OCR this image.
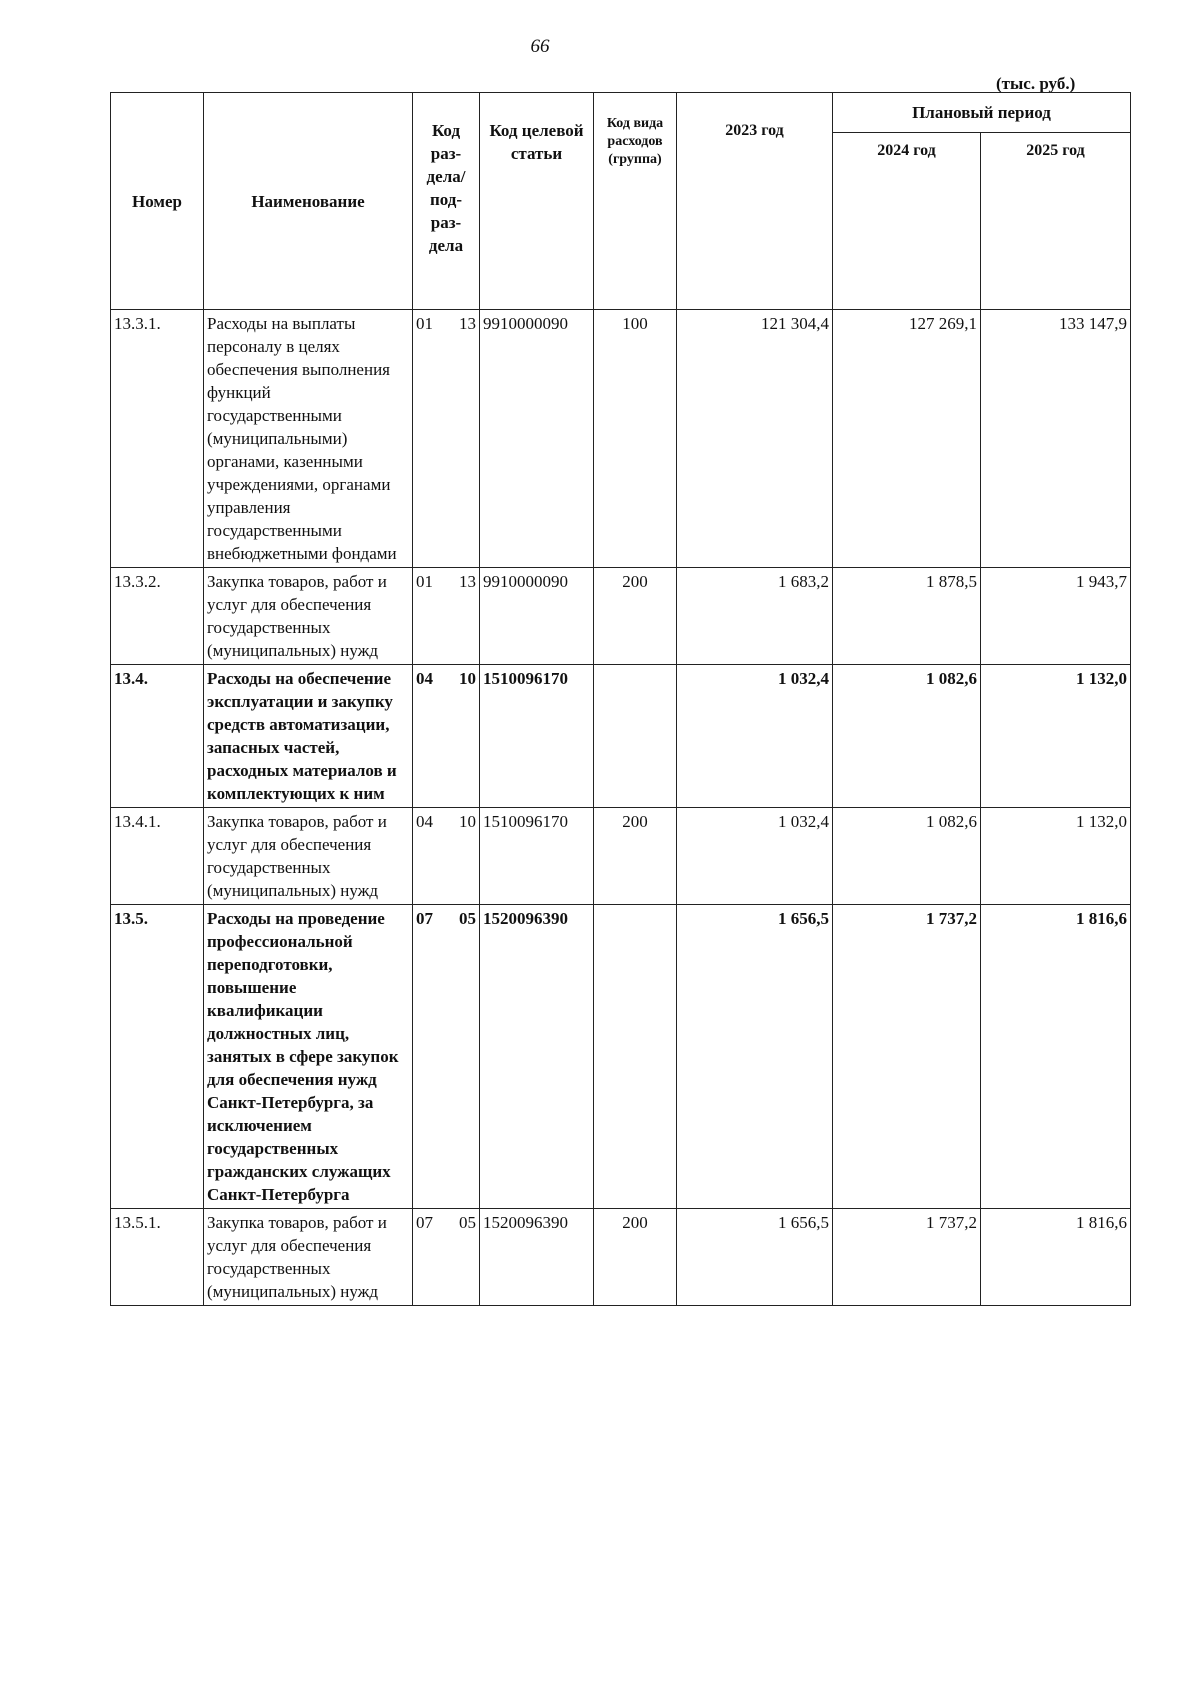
66
(тыс. руб.)
Номер	Наименование	Код раз-дела/ под-раз-дела	Код целевой статьи	Код вида расходов (группа)	2023 год	Плановый период	
						2024 год	2025 год
13.3.1.	Расходы на выплаты персоналу в целях обеспечения выполнения функций государственными (муниципальными) органами, казенными учреждениями, органами управления государственными внебюджетными фондами	01 13	9910000090	100	121 304,4	127 269,1	133 147,9
13.3.2.	Закупка товаров, работ и услуг для обеспечения государственных (муниципальных) нужд	01 13	9910000090	200	1 683,2	1 878,5	1 943,7
13.4.	Расходы на обеспечение эксплуатации и закупку средств автоматизации, запасных частей, расходных материалов и комплектующих к ним	04 10	1510096170		1 032,4	1 082,6	1 132,0
13.4.1.	Закупка товаров, работ и услуг для обеспечения государственных (муниципальных) нужд	04 10	1510096170	200	1 032,4	1 082,6	1 132,0
13.5.	Расходы на проведение профессиональной переподготовки, повышение квалификации должностных лиц, занятых в сфере закупок для обеспечения нужд Санкт-Петербурга, за исключением государственных гражданских служащих Санкт-Петербурга	07 05	1520096390		1 656,5	1 737,2	1 816,6
13.5.1.	Закупка товаров, работ и услуг для обеспечения государственных (муниципальных) нужд	07 05	1520096390	200	1 656,5	1 737,2	1 816,6
